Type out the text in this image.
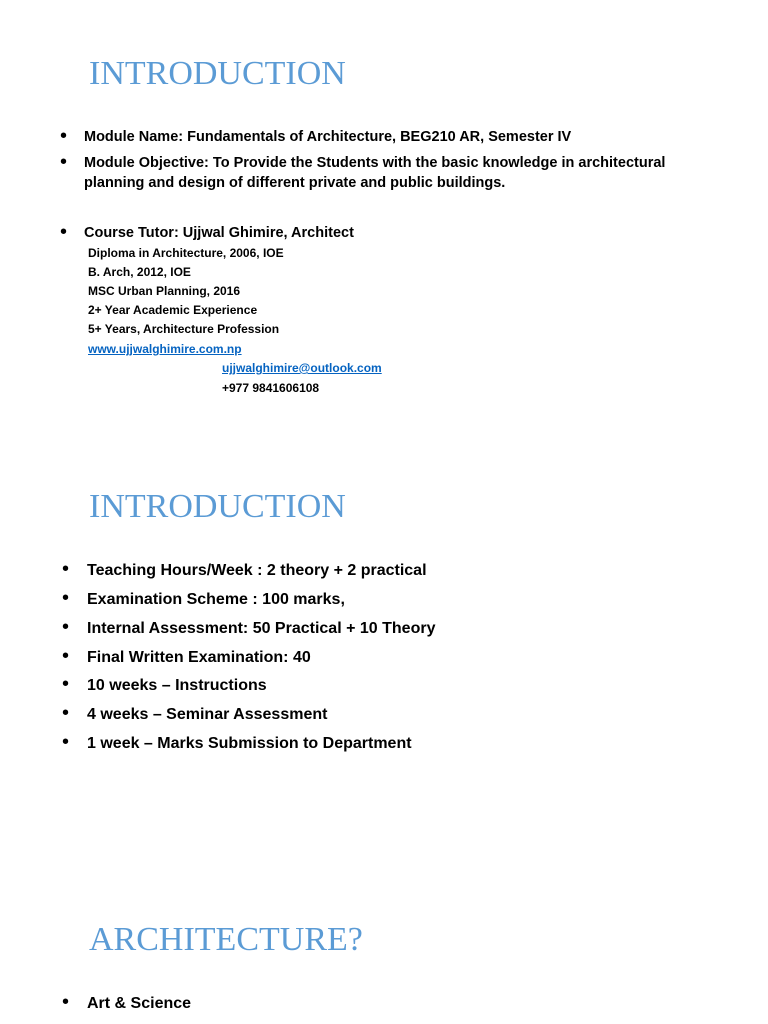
INTRODUCTION
• Module Name: Fundamentals of Architecture, BEG210 AR, Semester IV

• Module Objective: To Provide the Students with the basic knowledge in architectural planning and design of different private and public buildings.

• Course Tutor: Ujjwal Ghimire, Architect

Diploma in Architecture, 2006, IOE

B. Arch, 2012, IOE

MSC Urban Planning, 2016

2+ Year Academic Experience

5+ Years, Architecture Profession

www.ujjwalghimire.com.np

ujjwalghimire@outlook.com

+977 9841606108

INTRODUCTION
• Teaching Hours/Week : 2 theory + 2 practical

• Examination Scheme : 100 marks,

• Internal Assessment: 50 Practical + 10 Theory

• Final Written Examination: 40

• 10 weeks – Instructions

• 4 weeks – Seminar Assessment

• 1 week – Marks Submission to Department

ARCHITECTURE?
• Art & Science
